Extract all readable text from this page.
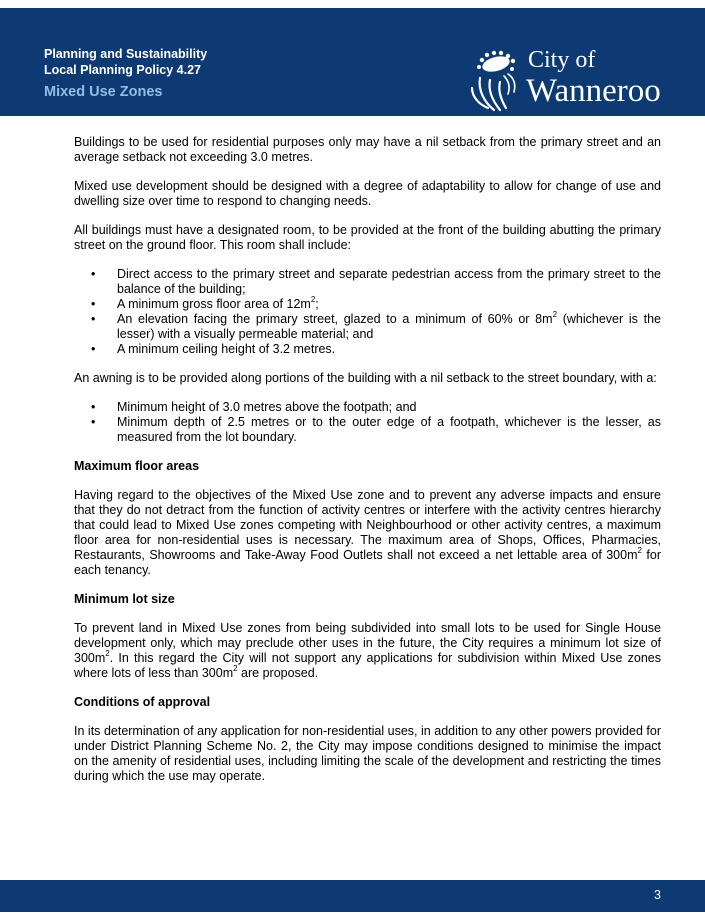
Planning and Sustainability
Local Planning Policy 4.27
Mixed Use Zones
City of
Wanneroo

Buildings to be used for residential purposes only may have a nil setback from the primary street and an average setback not exceeding 3.0 metres.

Mixed use development should be designed with a degree of adaptability to allow for change of use and dwelling size over time to respond to changing needs.

All buildings must have a designated room, to be provided at the front of the building abutting the primary street on the ground floor. This room shall include:

• Direct access to the primary street and separate pedestrian access from the primary street to the balance of the building;
• A minimum gross floor area of $12m^2$;
• An elevation facing the primary street, glazed to a minimum of 60% or $8m^2$ (whichever is the lesser) with a visually permeable material; and
• A minimum ceiling height of 3.2 metres.

An awning is to be provided along portions of the building with a nil setback to the street boundary, with a:

• Minimum height of 3.0 metres above the footpath; and
• Minimum depth of 2.5 metres or to the outer edge of a footpath, whichever is the lesser, as measured from the lot boundary.
Maximum floor areas

Having regard to the objectives of the Mixed Use zone and to prevent any adverse impacts and ensure that they do not detract from the function of activity centres or interfere with the activity centres hierarchy that could lead to Mixed Use zones competing with Neighbourhood or other activity centres, a maximum floor area for non-residential uses is necessary. The maximum area of Shops, Offices, Pharmacies, Restaurants, Showrooms and Take-Away Food Outlets shall not exceed a net lettable area of $300m^2$ for each tenancy.

Minimum lot size

To prevent land in Mixed Use zones from being subdivided into small lots to be used for Single House development only, which may preclude other uses in the future, the City requires a minimum lot size of $300m^2$. In this regard the City will not support any applications for subdivision within Mixed Use zones where lots of less than $300m^2$ are proposed.

Conditions of approval

In its determination of any application for non-residential uses, in addition to any other powers provided for under District Planning Scheme No. 2, the City may impose conditions designed to minimise the impact on the amenity of residential uses, including limiting the scale of the development and restricting the times during which the use may operate.

3
